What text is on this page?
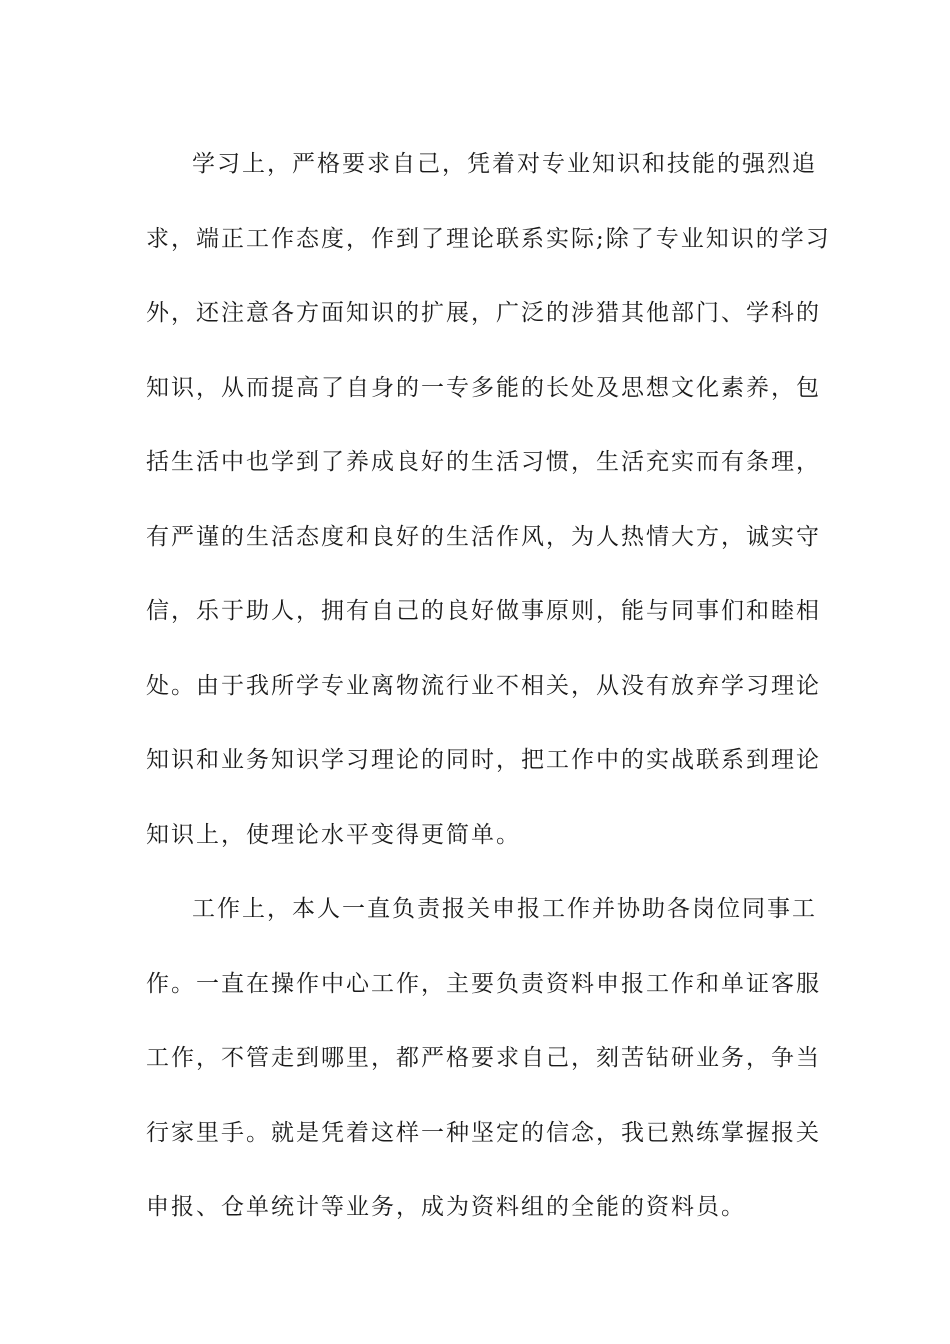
学习上，严格要求自己，凭着对专业知识和技能的强烈追
求，端正工作态度，作到了理论联系实际;除了专业知识的学习
外，还注意各方面知识的扩展，广泛的涉猎其他部门、学科的
知识，从而提高了自身的一专多能的长处及思想文化素养，包
括生活中也学到了养成良好的生活习惯，生活充实而有条理，
有严谨的生活态度和良好的生活作风，为人热情大方，诚实守
信，乐于助人，拥有自己的良好做事原则，能与同事们和睦相
处。由于我所学专业离物流行业不相关，从没有放弃学习理论
知识和业务知识学习理论的同时，把工作中的实战联系到理论
知识上，使理论水平变得更简单。
工作上，本人一直负责报关申报工作并协助各岗位同事工
作。一直在操作中心工作，主要负责资料申报工作和单证客服
工作，不管走到哪里，都严格要求自己，刻苦钻研业务，争当
行家里手。就是凭着这样一种坚定的信念，我已熟练掌握报关
申报、仓单统计等业务，成为资料组的全能的资料员。
